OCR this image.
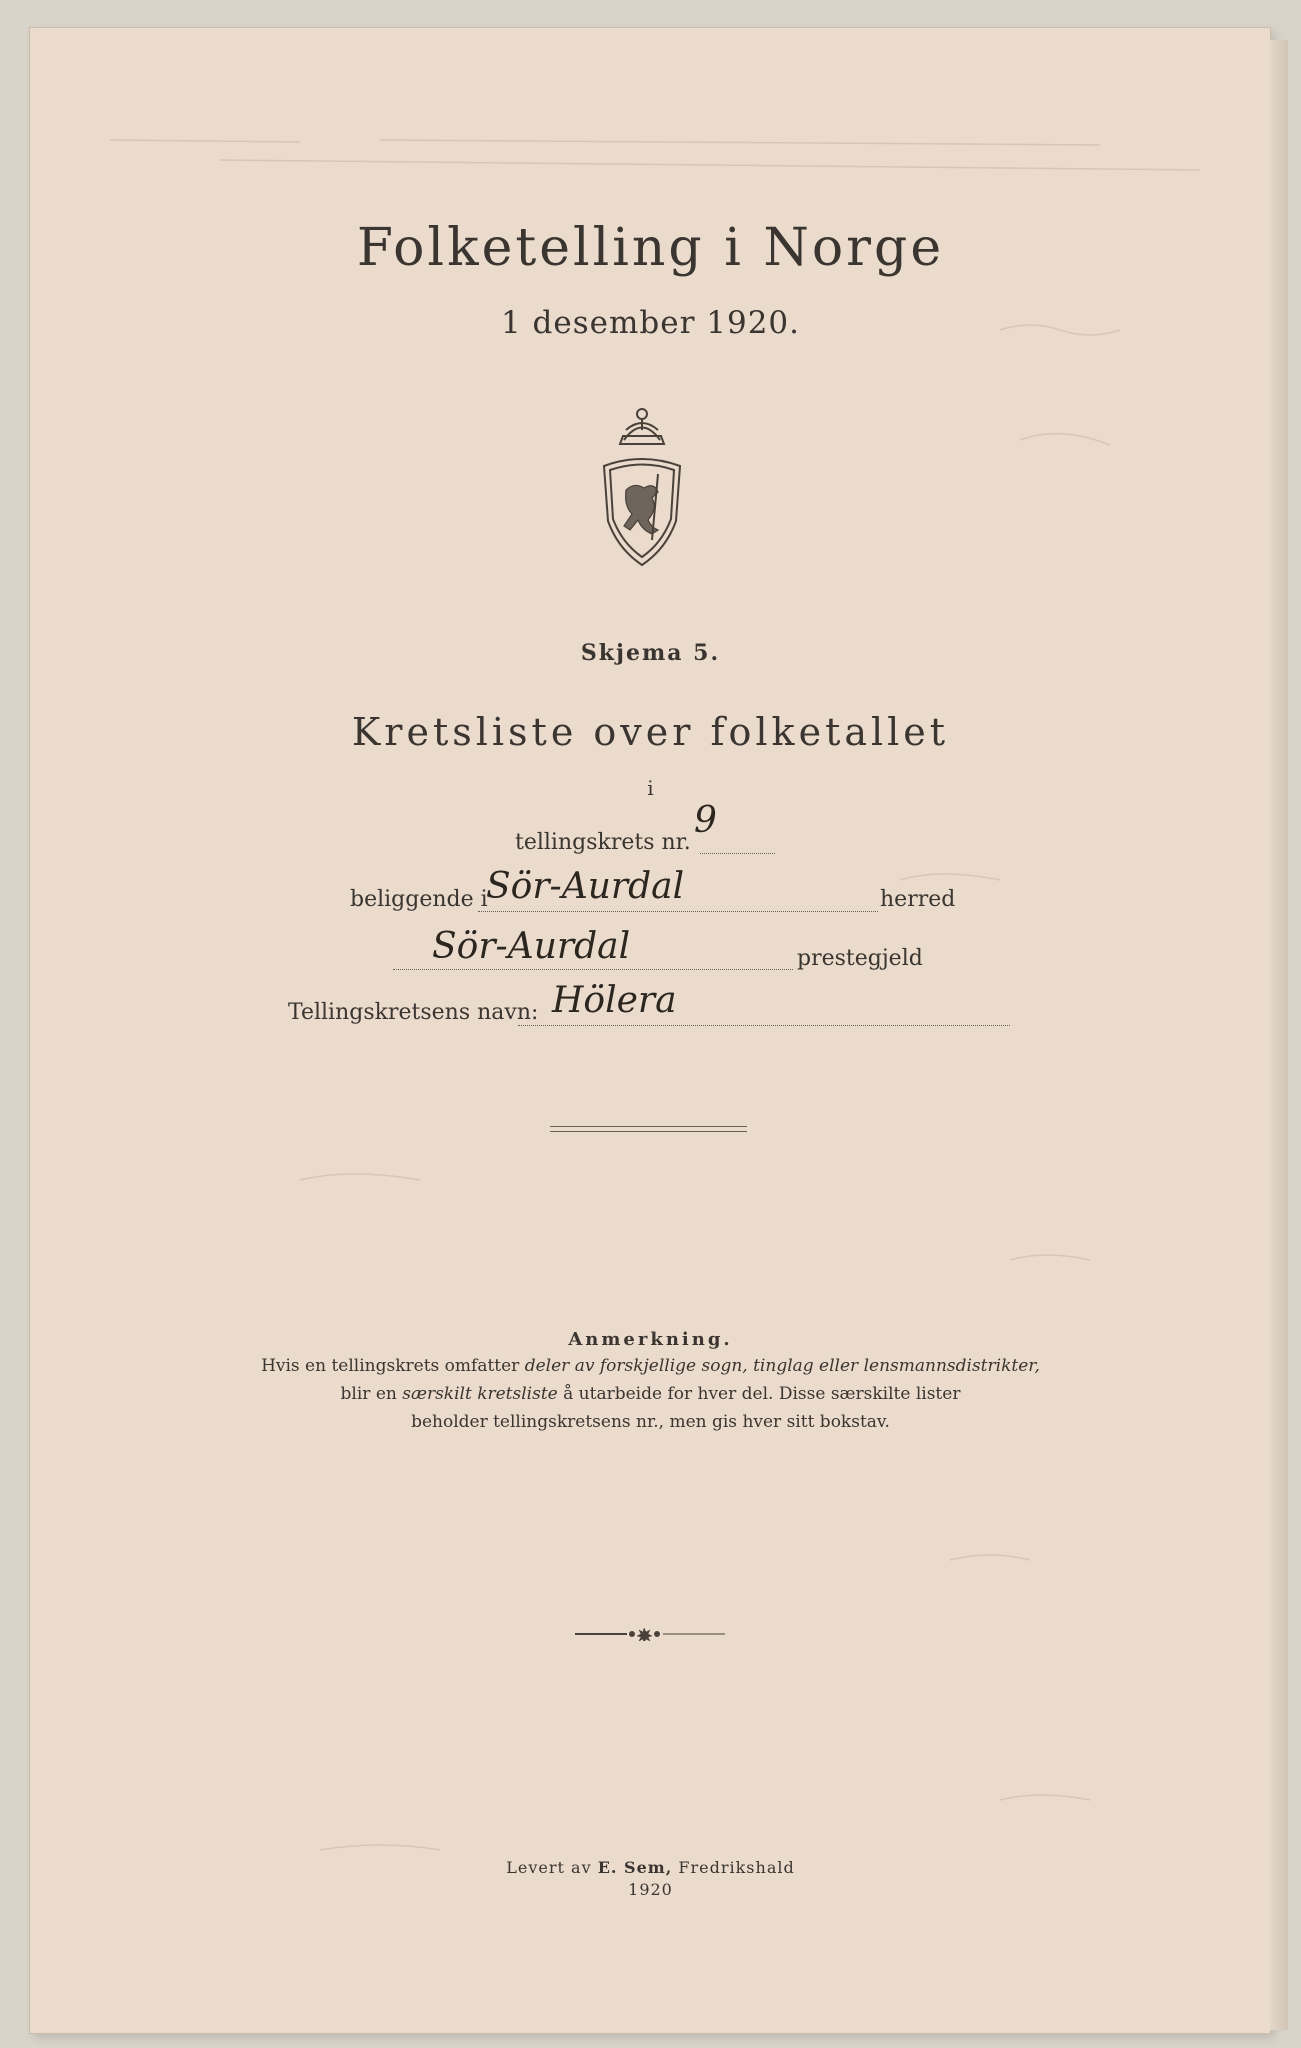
Folketelling i Norge
1 desember 1920.
Skjema 5.
Kretsliste over folketallet
i
tellingskrets nr.
9
beliggende i
Sör-Aurdal	herred
Sör-Aurdal	prestegjeld
Tellingskretsens navn: Hölera
Anmerkning.
Hvis en tellingskrets omfatter deler av forskjellige sogn, tinglag eller lensmannsdistrikter,
blir en særskilt kretsliste å utarbeide for hver del. Disse særskilte lister
beholder tellingskretsens nr., men gis hver sitt bokstav.
Levert av E. Sem, Fredrikshald
1920
